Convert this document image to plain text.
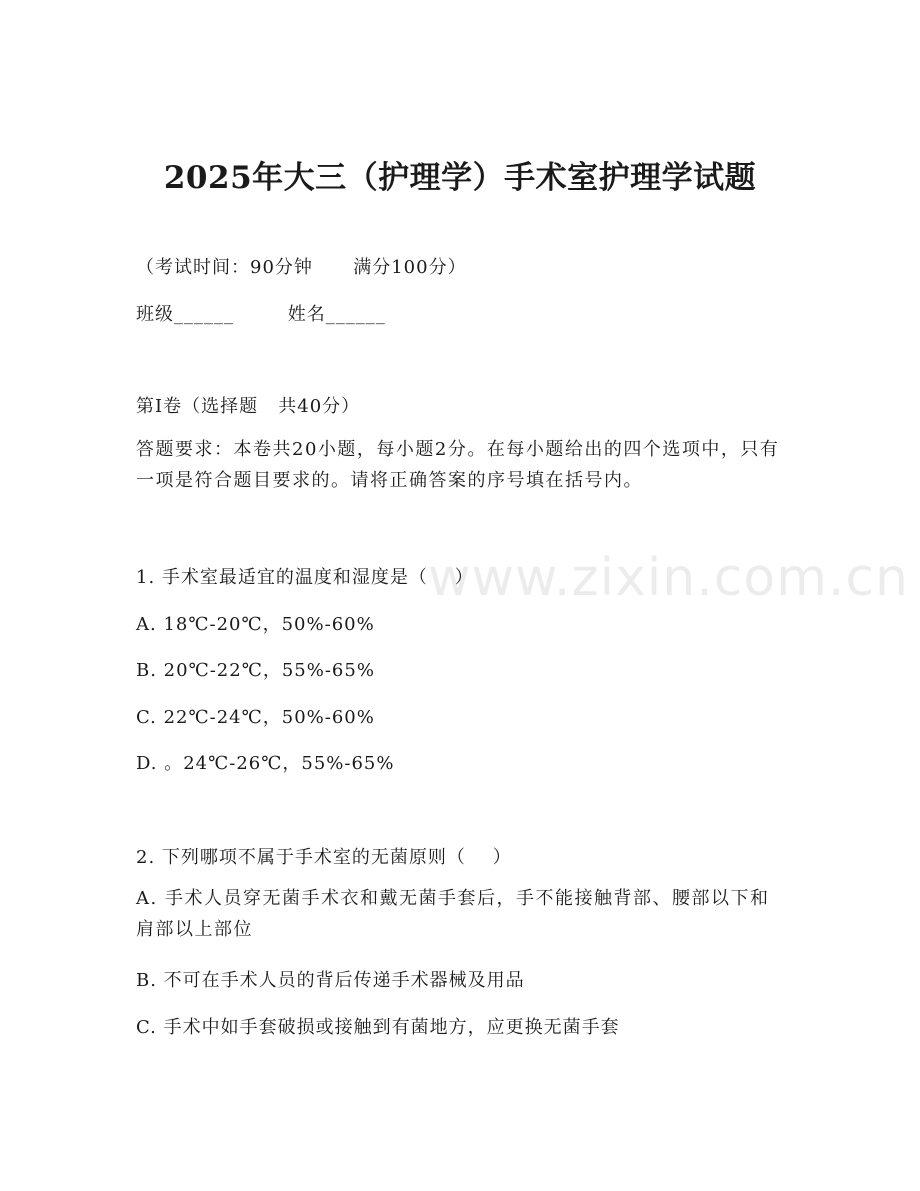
www.zixin.com.cn
2025年大三（护理学）手术室护理学试题
（考试时间：90分钟      满分100分）
班级______        姓名______
第I卷（选择题   共40分）
答题要求：本卷共20小题，每小题2分。在每小题给出的四个选项中，只有一项是符合题目要求的。请将正确答案的序号填在括号内。
1. 手术室最适宜的温度和湿度是（    ）
A. 18℃-20℃，50%-60%
B. 20℃-22℃，55%-65%
C. 22℃-24℃，50%-60%
D. 。24℃-26℃，55%-65%
2. 下列哪项不属于手术室的无菌原则（    ）
A. 手术人员穿无菌手术衣和戴无菌手套后，手不能接触背部、腰部以下和肩部以上部位
B. 不可在手术人员的背后传递手术器械及用品
C. 手术中如手套破损或接触到有菌地方，应更换无菌手套
